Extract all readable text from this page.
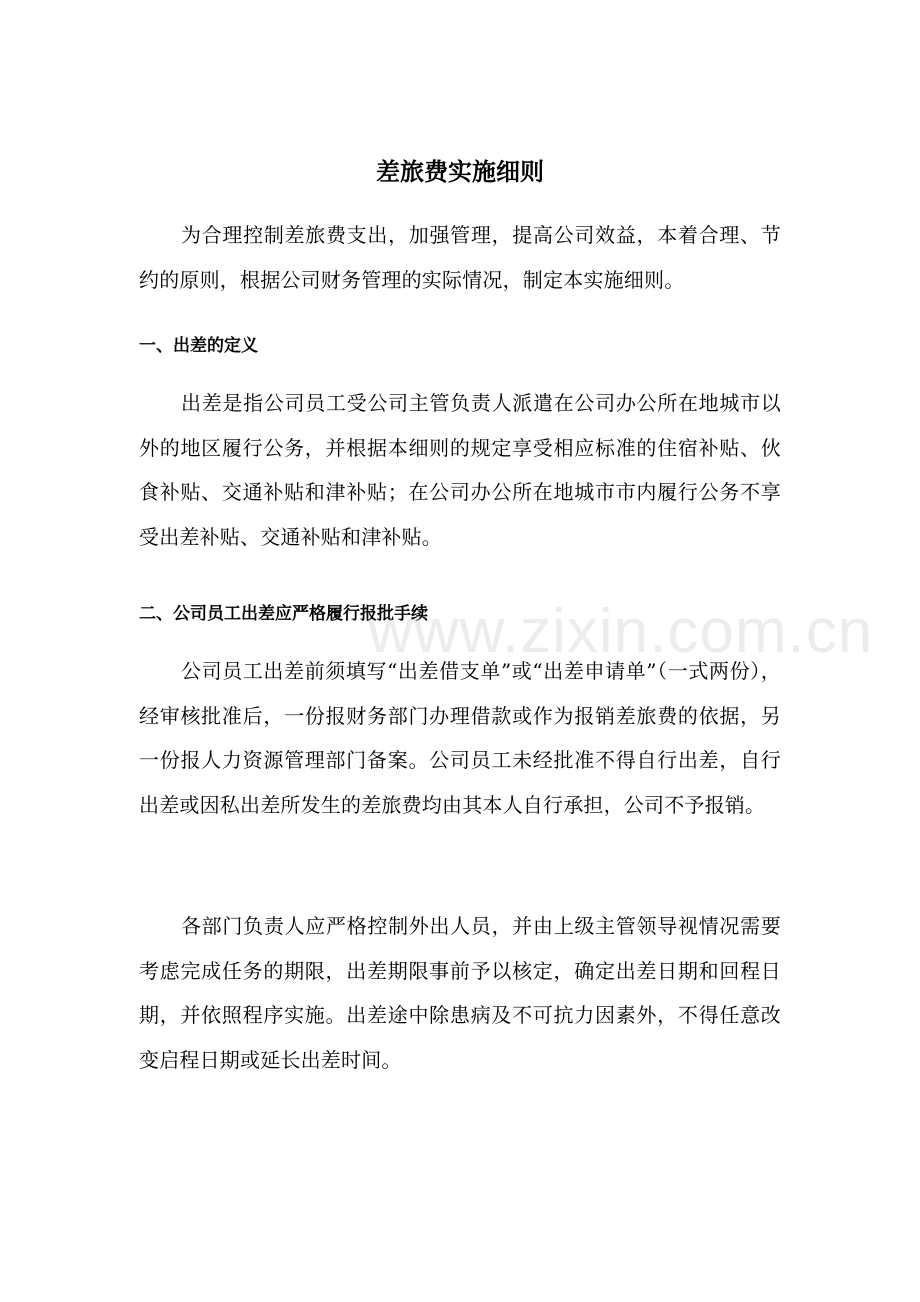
差旅费实施细则

为合理控制差旅费支出，加强管理，提高公司效益，本着合理、节约的原则，根据公司财务管理的实际情况，制定本实施细则。

一、出差的定义

出差是指公司员工受公司主管负责人派遣在公司办公所在地城市以外的地区履行公务，并根据本细则的规定享受相应标准的住宿补贴、伙食补贴、交通补贴和津补贴；在公司办公所在地城市市内履行公务不享受出差补贴、交通补贴和津补贴。

二、公司员工出差应严格履行报批手续

公司员工出差前须填写“出差借支单”或“出差申请单”（一式两份），经审核批准后，一份报财务部门办理借款或作为报销差旅费的依据，另一份报人力资源管理部门备案。公司员工未经批准不得自行出差，自行出差或因私出差所发生的差旅费均由其本人自行承担，公司不予报销。

各部门负责人应严格控制外出人员，并由上级主管领导视情况需要考虑完成任务的期限，出差期限事前予以核定，确定出差日期和回程日期，并依照程序实施。出差途中除患病及不可抗力因素外，不得任意改变启程日期或延长出差时间。

www.zixin.com.cn
